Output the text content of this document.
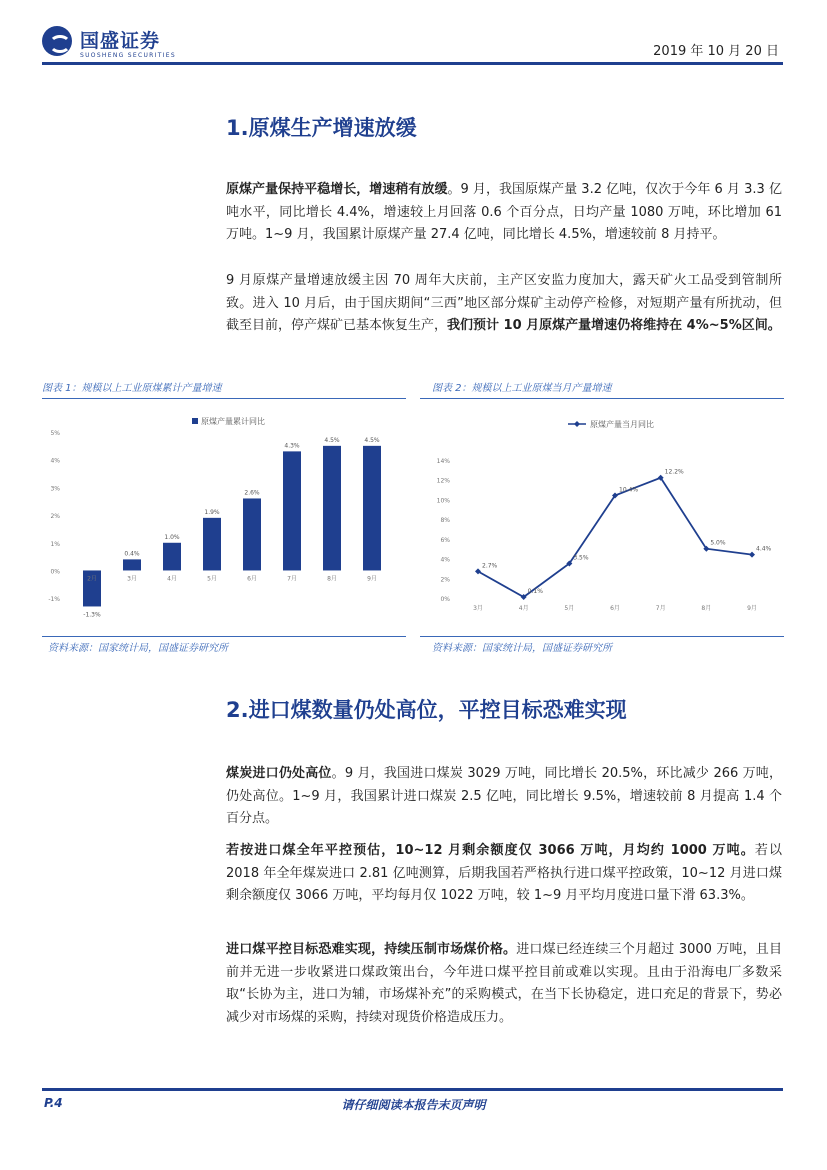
国盛证券
SUOSHENG SECURITIES	2019 年 10 月 20 日
1.原煤生产增速放缓
原煤产量保持平稳增长，增速稍有放缓。9 月，我国原煤产量 3.2 亿吨，仅次于今年 6 月 3.3 亿吨水平，同比增长 4.4%，增速较上月回落 0.6 个百分点，日均产量 1080 万吨，环比增加 61 万吨。1~9 月，我国累计原煤产量 27.4 亿吨，同比增长 4.5%，增速较前 8 月持平。
9 月原煤产量增速放缓主因 70 周年大庆前，主产区安监力度加大，露天矿火工品受到管制所致。进入 10 月后，由于国庆期间“三西”地区部分煤矿主动停产检修，对短期产量有所扰动，但截至目前，停产煤矿已基本恢复生产，我们预计 10 月原煤产量增速仍将维持在 4%~5%区间。
图表 1：规模以上工业原煤累计产量增速
原煤产量累计同比
-1%
0%
1%
2%
3%
4%
5%
-1.3%
2月
0.4%
3月
1.0%
4月
1.9%
5月
2.6%
6月
4.3%
7月
4.5%
8月
4.5%
9月
资料来源：国家统计局，国盛证券研究所
图表 2：规模以上工业原煤当月产量增速
原煤产量当月同比
0%
2%
4%
6%
8%
10%
12%
14%
2.7%
3月
0.1%
4月
3.5%
5月
10.4%
6月
12.2%
7月
5.0%
8月
4.4%
9月
资料来源：国家统计局，国盛证券研究所
2.进口煤数量仍处高位，平控目标恐难实现
煤炭进口仍处高位。9 月，我国进口煤炭 3029 万吨，同比增长 20.5%，环比减少 266 万吨，仍处高位。1~9 月，我国累计进口煤炭 2.5 亿吨，同比增长 9.5%，增速较前 8 月提高 1.4 个百分点。
若按进口煤全年平控预估，10~12 月剩余额度仅 3066 万吨，月均约 1000 万吨。若以 2018 年全年煤炭进口 2.81 亿吨测算，后期我国若严格执行进口煤平控政策，10~12 月进口煤剩余额度仅 3066 万吨，平均每月仅 1022 万吨，较 1~9 月平均月度进口量下滑 63.3%。
进口煤平控目标恐难实现，持续压制市场煤价格。进口煤已经连续三个月超过 3000 万吨，且目前并无进一步收紧进口煤政策出台，今年进口煤平控目前或难以实现。且由于沿海电厂多数采取“长协为主，进口为辅，市场煤补充”的采购模式，在当下长协稳定，进口充足的背景下，势必减少对市场煤的采购，持续对现货价格造成压力。
P.4	请仔细阅读本报告末页声明
